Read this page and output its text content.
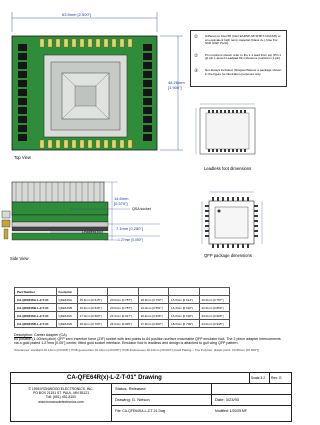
63.5mm [2.500"]
48.26mm [1.900"]
14.6mm
[0.575"]
7.1mm [0.280"]
1.27mm [0.050"]
Top View
Side View
Leadless foot dimensions
QFP package dimensions
QSA socket
Leadless foot
①	Adheres to Intel 68 (Intel EADSP-68 SHIFT-CRASH) or an equivalent high temp material (Class 2+) (Use For Shift UWF Parts).
②	Pin numbers shown refer to the 1:1 lead from top (Pin 1 @ pin 1 area 0 Leadpad #1) reference positions (1 pin).
③	Not always included. Wrapper/Sleeve a package shown in the figure for illustration purposes only.
Part Number	Footprint					
CA-QFE64SA-L-Z-T-01	QFE64SA	15.6mm [0.615"]	20.0mm [0.787"]	18.6mm [0.733"]	15.6mm [0.614"]	20.0mm [0.787"]
CA-QFE64SB-L-Z-T-01	QFE64SB	16.4mm [0.646"]	20.0mm [0.787"]	14.0mm [0.551"]	16.4mm [0.646"]	22.0mm [0.866"]
CA-QFE64SC-L-Z-T-01	QFE64SC	17.0mm [0.669"]	23.3mm [0.917"]	16.4mm [0.646"]	16.0mm [0.630"]	23.0mm [0.906"]
CA-QFE64SD-L-Z-T-01	QFE64SD	18.0mm [0.709"]	24.0mm [0.945"]	17.6mm [0.693"]	18.0mm [0.709"]	24.0mm [0.945"]
Description: Carrier Adapter (CA)
64 position (1.00mm pitch) QFP zero insertion force (ZIF) socket with test points to 64 position surface mountable QFP emulator foot. The 2 piece adapter interconnects via a gold plated 1.27mm [0.05"] center, fitted gold socket interface. Emulator foot is leadless and design is attached to gull wing QFP pattern.
Tolerances: standard ±0.13mm [±0.005"]; PCB geometries ±0.13mm [±0.005"]; PCB thicknesses ±0.10mm [±0.004"] (Gold Plating – The Polymer, plastic parts: ±0.05mm [±0.002"])
CA-QFE64R(x)-L-Z-T-01" Drawing	Scale:3:2 Rev: G
© 1995 IRONWOOD ELECTRONICS, INC.
PO BOX 21151 ST. PAUL, MN 55121
Toll: (651) 452-8100
www.ironwoodelectronics.com
Status: Released
Drawing: G. Nelson	Date: 3/23/93
File: CA-QFE64SA-L-Z-T-01 Dwg	Modified: 1/20/05 MF
